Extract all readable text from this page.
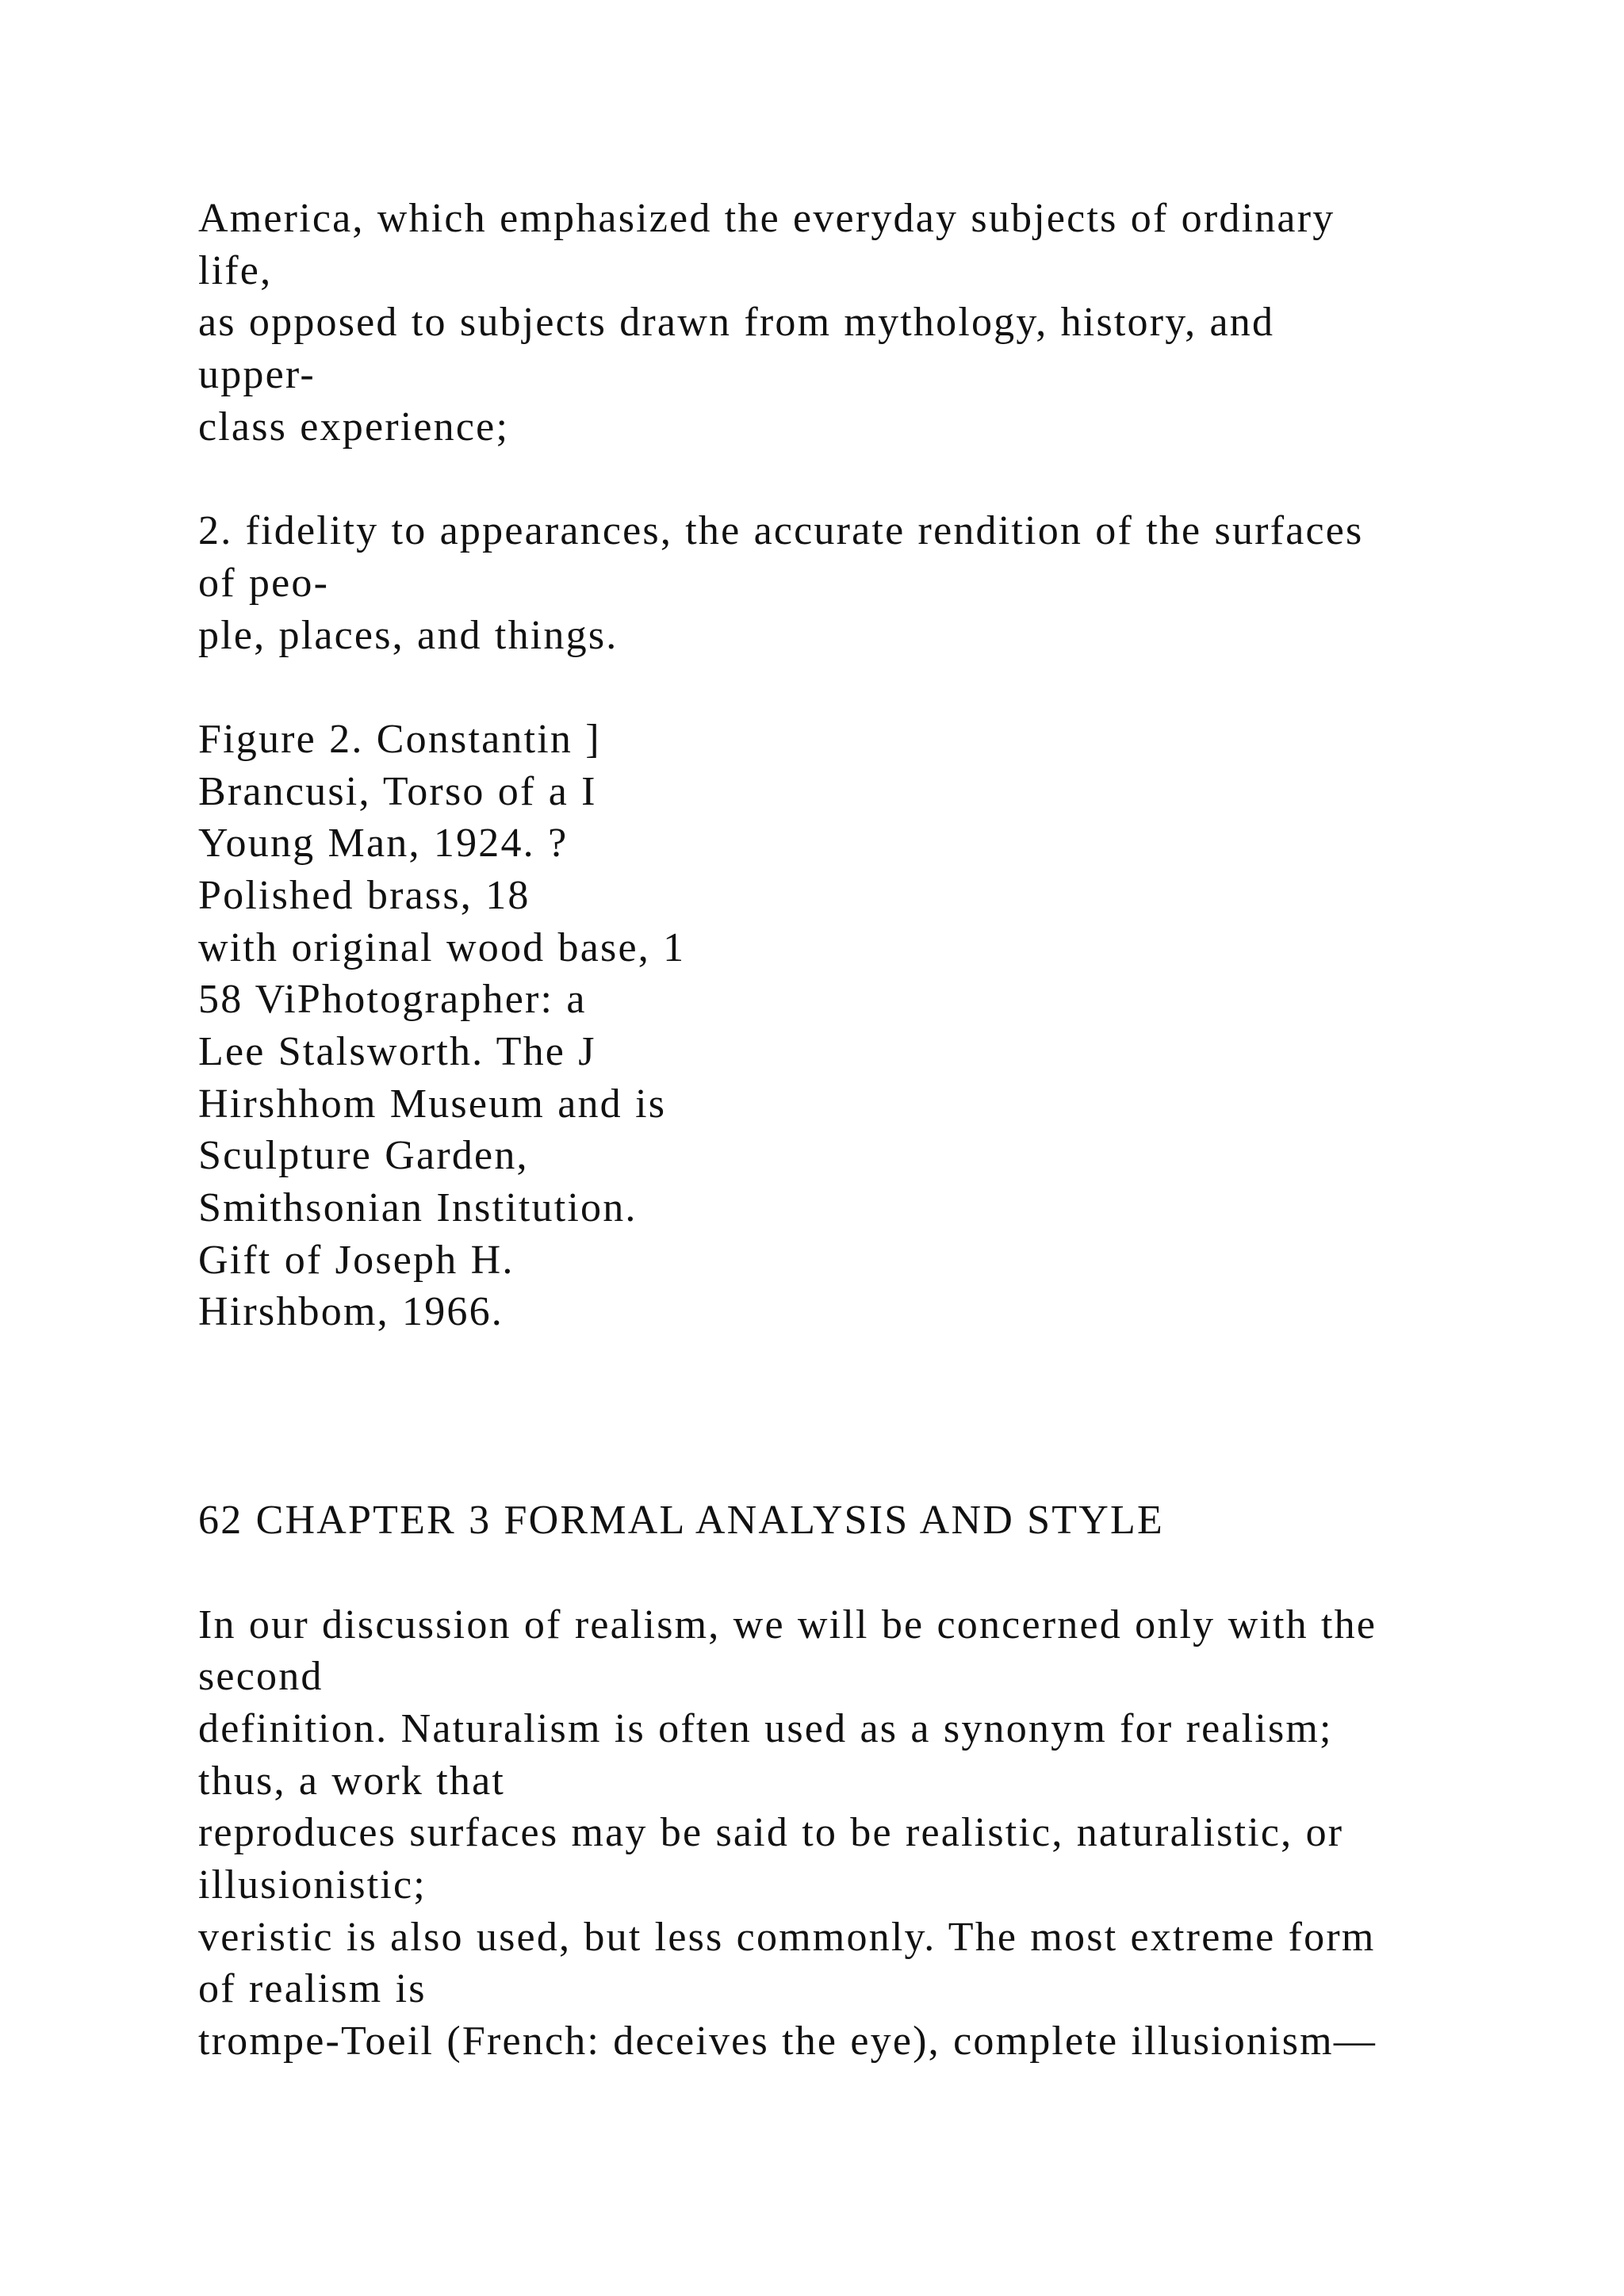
America, which emphasized the everyday subjects of ordinary
life,
as opposed to subjects drawn from mythology, history, and
upper-
class experience;
2. fidelity to appearances, the accurate rendition of the surfaces
of peo-
ple, places, and things.
Figure 2. Constantin ]
Brancusi, Torso of a I
Young Man, 1924. ?
Polished brass, 18
with original wood base, 1
58 ViPhotographer: a
Lee Stalsworth. The J
Hirshhom Museum and is
Sculpture Garden,
Smithsonian Institution.
Gift of Joseph H.
Hirshbom, 1966.
62 CHAPTER 3 FORMAL ANALYSIS AND STYLE
In our discussion of realism, we will be concerned only with the
second
definition. Naturalism is often used as a synonym for realism;
thus, a work that
reproduces surfaces may be said to be realistic, naturalistic, or
illusionistic;
veristic is also used, but less commonly. The most extreme form
of realism is
trompe-Toeil (French: deceives the eye), complete illusionism—
